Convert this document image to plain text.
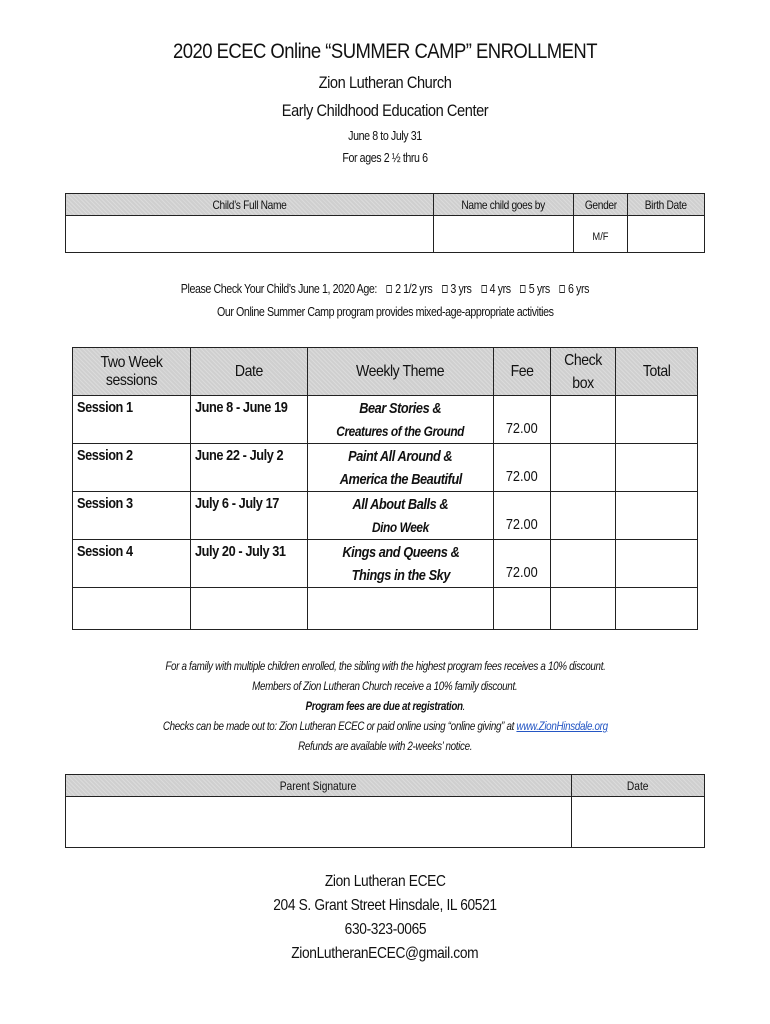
2020 ECEC Online “SUMMER CAMP” ENROLLMENT
Zion Lutheran Church
Early Childhood Education Center
June 8 to July 31
For ages 2 ½ thru 6
Child’s Full Name	Name child goes by	Gender	Birth Date
		M/F	
Please Check Your Child’s June 1, 2020 Age: 2 1/2 yrs 3 yrs 4 yrs 5 yrs 6 yrs
Our Online Summer Camp program provides mixed-age-appropriate activities
Two Week sessions	Date	Weekly Theme	Fee	Check box	Total
Session 1	June 8 - June 19	Bear Stories &
Creatures of the Ground	72.00		
Session 2	June 22 - July 2	Paint All Around &
America the Beautiful	72.00		
Session 3	July 6 - July 17	All About Balls &
Dino Week	72.00		
Session 4	July 20 - July 31	Kings and Queens &
Things in the Sky	72.00		

For a family with multiple children enrolled, the sibling with the highest program fees receives a 10% discount.
Members of Zion Lutheran Church receive a 10% family discount.
Program fees are due at registration.
Checks can be made out to: Zion Lutheran ECEC or paid online using “online giving” at www.ZionHinsdale.org
Refunds are available with 2-weeks’ notice.
Parent Signature	Date

Zion Lutheran ECEC
204 S. Grant Street Hinsdale, IL 60521
630-323-0065
ZionLutheranECEC@gmail.com
